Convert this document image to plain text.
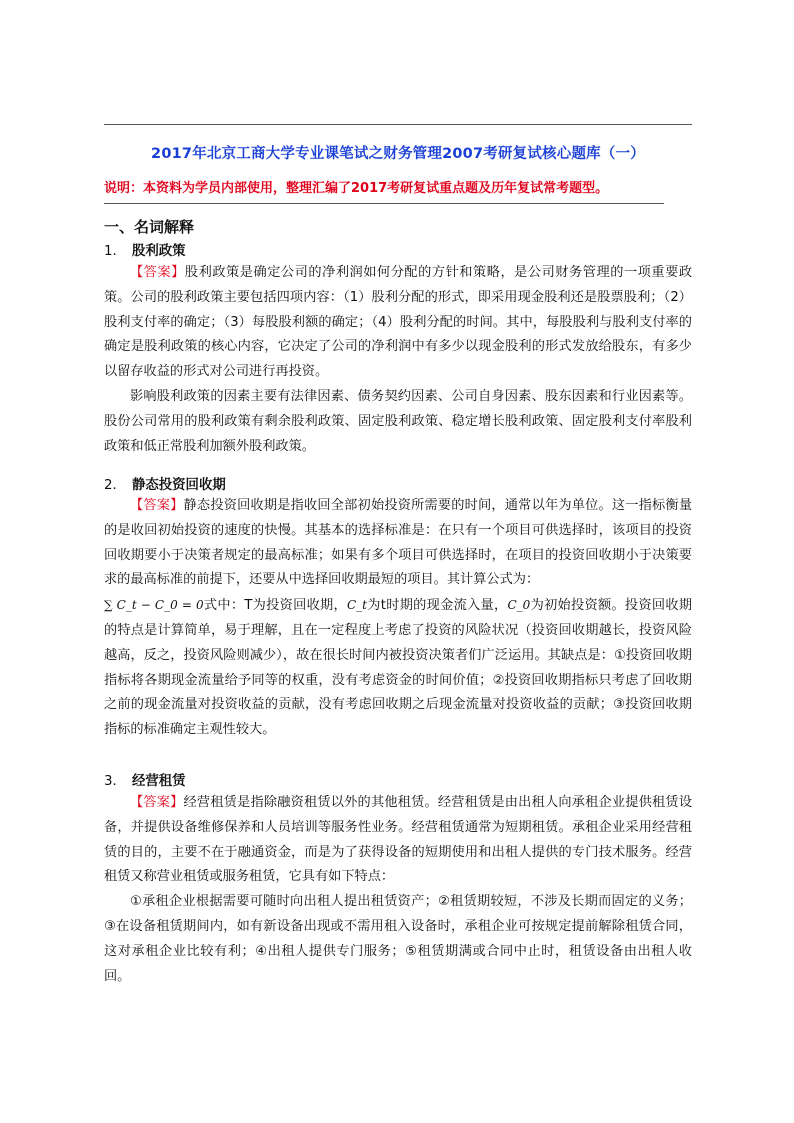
2017年北京工商大学专业课笔试之财务管理2007考研复试核心题库（一）
说明：本资料为学员内部使用，整理汇编了2017考研复试重点题及历年复试常考题型。
一、名词解释
1． 股利政策

【答案】股利政策是确定公司的净利润如何分配的方针和策略，是公司财务管理的一项重要政策。公司的股利政策主要包括四项内容：（1）股利分配的形式，即采用现金股利还是股票股利；（2）股利支付率的确定；（3）每股股利额的确定；（4）股利分配的时间。其中，每股股利与股利支付率的确定是股利政策的核心内容，它决定了公司的净利润中有多少以现金股利的形式发放给股东，有多少以留存收益的形式对公司进行再投资。

影响股利政策的因素主要有法律因素、债务契约因素、公司自身因素、股东因素和行业因素等。股份公司常用的股利政策有剩余股利政策、固定股利政策、稳定增长股利政策、固定股利支付率股利政策和低正常股利加额外股利政策。

2． 静态投资回收期

【答案】静态投资回收期是指收回全部初始投资所需要的时间，通常以年为单位。这一指标衡量的是收回初始投资的速度的快慢。其基本的选择标准是：在只有一个项目可供选择时，该项目的投资回收期要小于决策者规定的最高标准；如果有多个项目可供选择时，在项目的投资回收期小于决策要求的最高标准的前提下，还要从中选择回收期最短的项目。其计算公式为：

∑ C_t − C_0 = 0式中：T为投资回收期，C_t为t时期的现金流入量，C_0为初始投资额。投资回收期的特点是计算简单，易于理解，且在一定程度上考虑了投资的风险状况（投资回收期越长，投资风险越高，反之，投资风险则减少），故在很长时间内被投资决策者们广泛运用。其缺点是：①投资回收期指标将各期现金流量给予同等的权重，没有考虑资金的时间价值；②投资回收期指标只考虑了回收期之前的现金流量对投资收益的贡献，没有考虑回收期之后现金流量对投资收益的贡献；③投资回收期指标的标准确定主观性较大。

3． 经营租赁

【答案】经营租赁是指除融资租赁以外的其他租赁。经营租赁是由出租人向承租企业提供租赁设备，并提供设备维修保养和人员培训等服务性业务。经营租赁通常为短期租赁。承租企业采用经营租赁的目的，主要不在于融通资金，而是为了获得设备的短期使用和出租人提供的专门技术服务。经营租赁又称营业租赁或服务租赁，它具有如下特点：

①承租企业根据需要可随时向出租人提出租赁资产；②租赁期较短，不涉及长期而固定的义务；③在设备租赁期间内，如有新设备出现或不需用租入设备时，承租企业可按规定提前解除租赁合同，这对承租企业比较有利；④出租人提供专门服务；⑤租赁期满或合同中止时，租赁设备由出租人收回。
